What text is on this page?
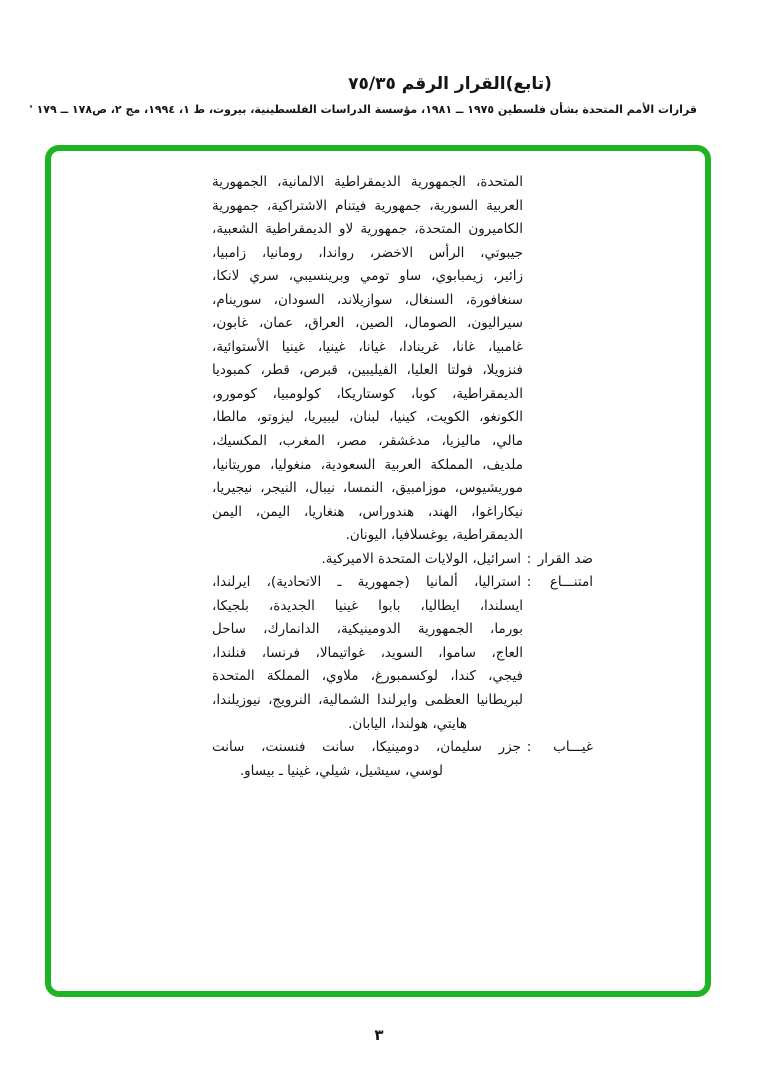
(تابع)القرار الرقم ٧٥/٣٥
قرارات الأمم المتحدة بشأن فلسطين ١٩٧٥ ــ ١٩٨١، مؤسسة الدراسات الفلسطينية، بيروت، ط ١، ١٩٩٤، مج ٢، ص١٧٨ ــ ١٧٩ '
المتحدة، الجمهورية الديمقراطية الالمانية، الجمهورية
العربية السورية، جمهورية فيتنام الاشتراكية، جمهورية
الكاميرون المتحدة، جمهورية لاو الديمقراطية الشعبية،
جيبوتي، الرأس الاخضر، رواندا، رومانيا، زامبيا،
زائير، زيمبابوي، ساو تومي وبرينسيبي، سري لانكا،
سنغافورة، السنغال، سوازيلاند، السودان، سورينام،
سيراليون، الصومال، الصين، العراق، عمان، غابون،
غامبيا، غانا، غرينادا، غيانا، غينيا، غينيا الأستوائية،
فنزويلا، فولتا العليا، الفيليبين، قبرص، قطر، كمبوديا
الديمقراطية، كوبا، كوستاريكا، كولومبيا، كومورو،
الكونغو، الكويت، كينيا، لبنان، ليبيريا، ليزوتو، مالطا،
مالي، ماليزيا، مدغشقر، مصر، المغرب، المكسيك،
ملديف، المملكة العربية السعودية، منغوليا، موريتانيا،
موريشيوس، موزامبيق، النمسا، نيبال، النيجر، نيجيريا،
نيكاراغوا، الهند، هندوراس، هنغاريا، اليمن، اليمن
الديمقراطية، يوغسلافيا، اليونان.
ضد القرار
:
اسرائيل، الولايات المتحدة الاميركية.
امتنـــاع
:
استراليا، ألمانيا (جمهورية ـ الاتحادية)، ايرلندا،
ايسلندا، ايطاليا، بابوا غينيا الجديدة، بلجيكا،
بورما، الجمهورية الدومينيكية، الدانمارك، ساحل
العاج، ساموا، السويد، غواتيمالا، فرنسا، فنلندا،
فيجي، كندا، لوكسمبورغ، ملاوي، المملكة المتحدة
لبريطانيا العظمى وايرلندا الشمالية، النرويج، نيوزيلندا،
هايتي، هولندا، اليابان.
غيـــاب
:
جزر سليمان، دومينيكا، سانت فنسنت، سانت
لوسي، سيشيل، شيلي، غينيا ـ بيساو.
٣
